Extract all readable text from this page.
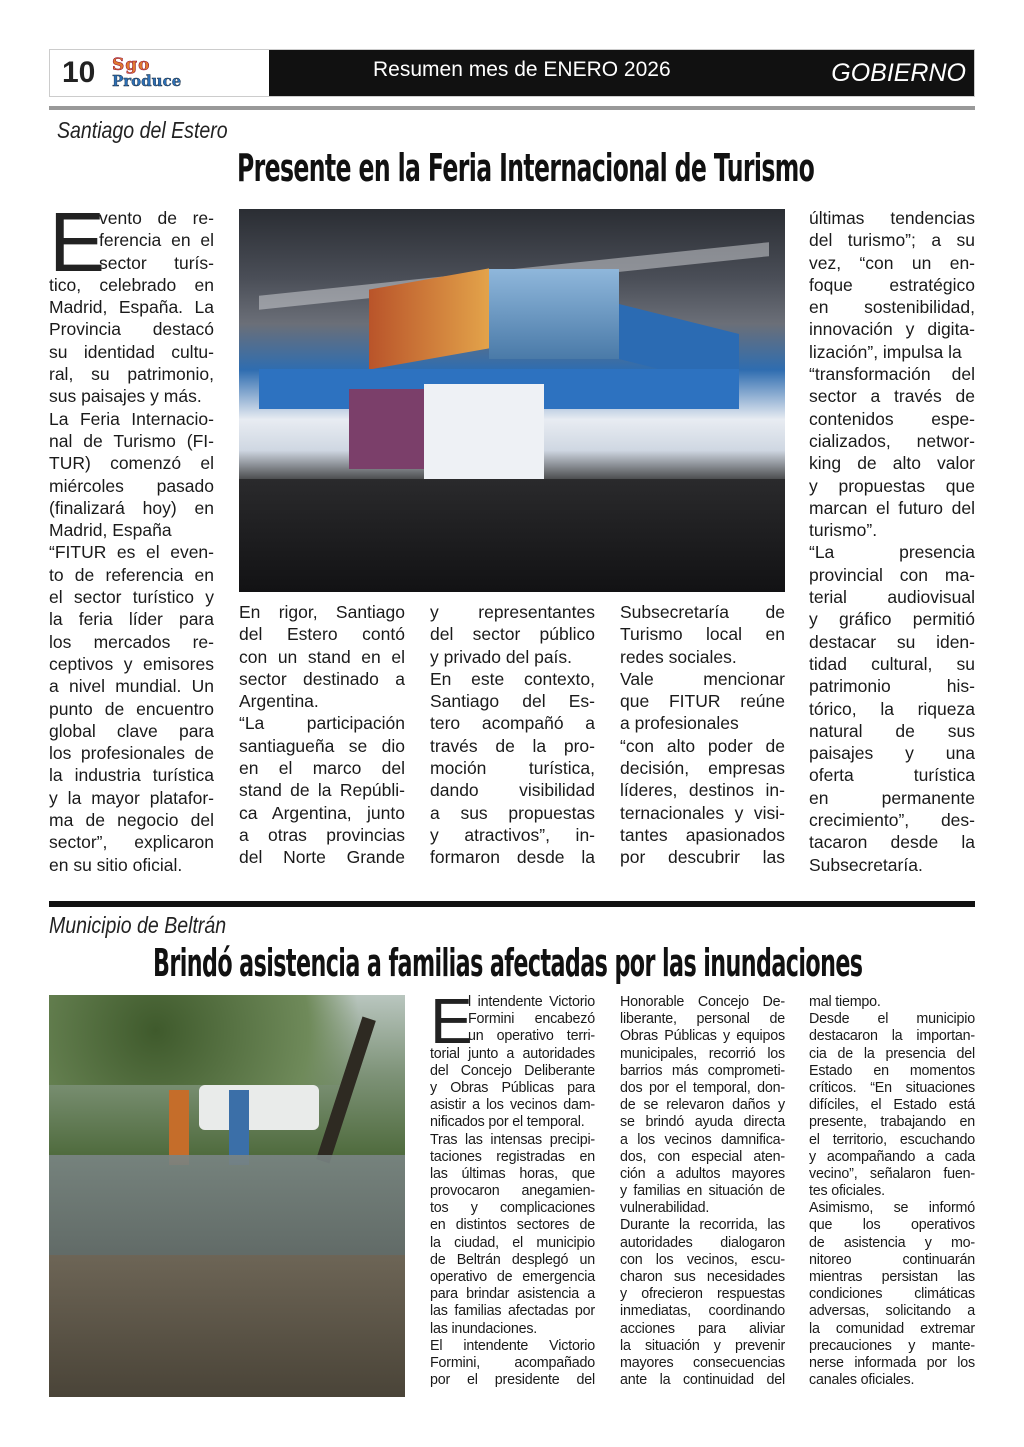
10 Sgo
Produce	Resumen mes de ENERO 2026	GOBIERNO
Santiago del Estero
Presente en la Feria Internacional de Turismo
vento de re-
ferencia en el
sector turís-
tico, celebrado en
Madrid, España. La
Provincia destacó
su identidad cultu-
ral, su patrimonio,
sus paisajes y más.
La Feria Internacio-
nal de Turismo (FI-
TUR) comenzó el
miércoles pasado
(finalizará hoy) en
Madrid, España
“FITUR es el even-
to de referencia en
el sector turístico y
la feria líder para
los mercados re-
ceptivos y emisores
a nivel mundial. Un
punto de encuentro
global clave para
los profesionales de
la industria turística
y la mayor platafor-
ma de negocio del
sector”, explicaron
en su sitio oficial.
E
En rigor, Santiago
del Estero contó
con un stand en el
sector destinado a
Argentina.
“La participación
santiagueña se dio
en el marco del
stand de la Repúbli-
ca Argentina, junto
a otras provincias
del Norte Grande
y representantes
del sector público
y privado del país.
En este contexto,
Santiago del Es-
tero acompañó a
través de la pro-
moción turística,
dando visibilidad
a sus propuestas
y atractivos”, in-
formaron desde la
Subsecretaría de
Turismo local en
redes sociales.
Vale mencionar
que FITUR reúne
a profesionales
“con alto poder de
decisión, empresas
líderes, destinos in-
ternacionales y visi-
tantes apasionados
por descubrir las
últimas tendencias
del turismo”; a su
vez, “con un en-
foque estratégico
en sostenibilidad,
innovación y digita-
lización”, impulsa la
“transformación del
sector a través de
contenidos espe-
cializados, networ-
king de alto valor
y propuestas que
marcan el futuro del
turismo”.
“La presencia
provincial con ma-
terial audiovisual
y gráfico permitió
destacar su iden-
tidad cultural, su
patrimonio his-
tórico, la riqueza
natural de sus
paisajes y una
oferta turística
en permanente
crecimiento”, des-
tacaron desde la
Subsecretaría.
Municipio de Beltrán
Brindó asistencia a familias afectadas por las inundaciones
l intendente Victorio
Formini encabezó
un operativo terri-
torial junto a autoridades
del Concejo Deliberante
y Obras Públicas para
asistir a los vecinos dam-
nificados por el temporal.
Tras las intensas precipi-
taciones registradas en
las últimas horas, que
provocaron anegamien-
tos y complicaciones
en distintos sectores de
la ciudad, el municipio
de Beltrán desplegó un
operativo de emergencia
para brindar asistencia a
las familias afectadas por
las inundaciones.
El intendente Victorio
Formini, acompañado
por el presidente del
E	Honorable Concejo De-
liberante, personal de
Obras Públicas y equipos
municipales, recorrió los
barrios más comprometi-
dos por el temporal, don-
de se relevaron daños y
se brindó ayuda directa
a los vecinos damnifica-
dos, con especial aten-
ción a adultos mayores
y familias en situación de
vulnerabilidad.
Durante la recorrida, las
autoridades dialogaron
con los vecinos, escu-
charon sus necesidades
y ofrecieron respuestas
inmediatas, coordinando
acciones para aliviar
la situación y prevenir
mayores consecuencias
ante la continuidad del
mal tiempo.
Desde el municipio
destacaron la importan-
cia de la presencia del
Estado en momentos
críticos. “En situaciones
difíciles, el Estado está
presente, trabajando en
el territorio, escuchando
y acompañando a cada
vecino”, señalaron fuen-
tes oficiales.
Asimismo, se informó
que los operativos
de asistencia y mo-
nitoreo continuarán
mientras persistan las
condiciones climáticas
adversas, solicitando a
la comunidad extremar
precauciones y mante-
nerse informada por los
canales oficiales.
